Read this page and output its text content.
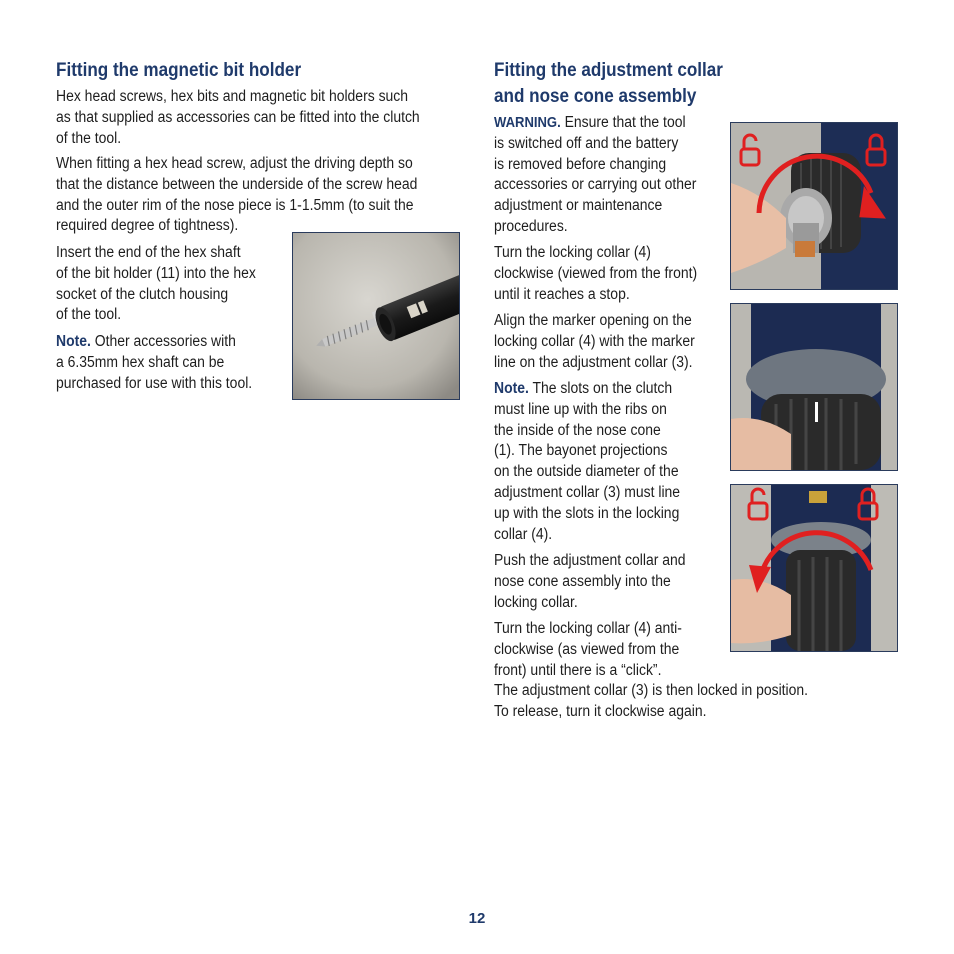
Fitting the magnetic bit holder
Hex head screws, hex bits and magnetic bit holders such
as that supplied as accessories can be fitted into the clutch
of the tool.
When fitting a hex head screw, adjust the driving depth so
that the distance between the underside of the screw head
and the outer rim of the nose piece is 1-1.5mm (to suit the
required degree of tightness).
Insert the end of the hex shaft
of the bit holder (11) into the hex
socket of the clutch housing
of the tool.
Note. Other accessories with
a 6.35mm hex shaft can be
purchased for use with this tool.
Fitting the adjustment collar
and nose cone assembly
WARNING. Ensure that the tool
is switched off and the battery
is removed before changing
accessories or carrying out other
adjustment or maintenance
procedures.
Turn the locking collar (4)
clockwise (viewed from the front)
until it reaches a stop.
Align the marker opening on the
locking collar (4) with the marker
line on the adjustment collar (3).
Note. The slots on the clutch
must line up with the ribs on
the inside of the nose cone
(1). The bayonet projections
on the outside diameter of the
adjustment collar (3) must line
up with the slots in the locking
collar (4).
Push the adjustment collar and
nose cone assembly into the
locking collar.
Turn the locking collar (4) anti-
clockwise (as viewed from the
front) until there is a “click”.
The adjustment collar (3) is then locked in position.
To release, turn it clockwise again.
12
